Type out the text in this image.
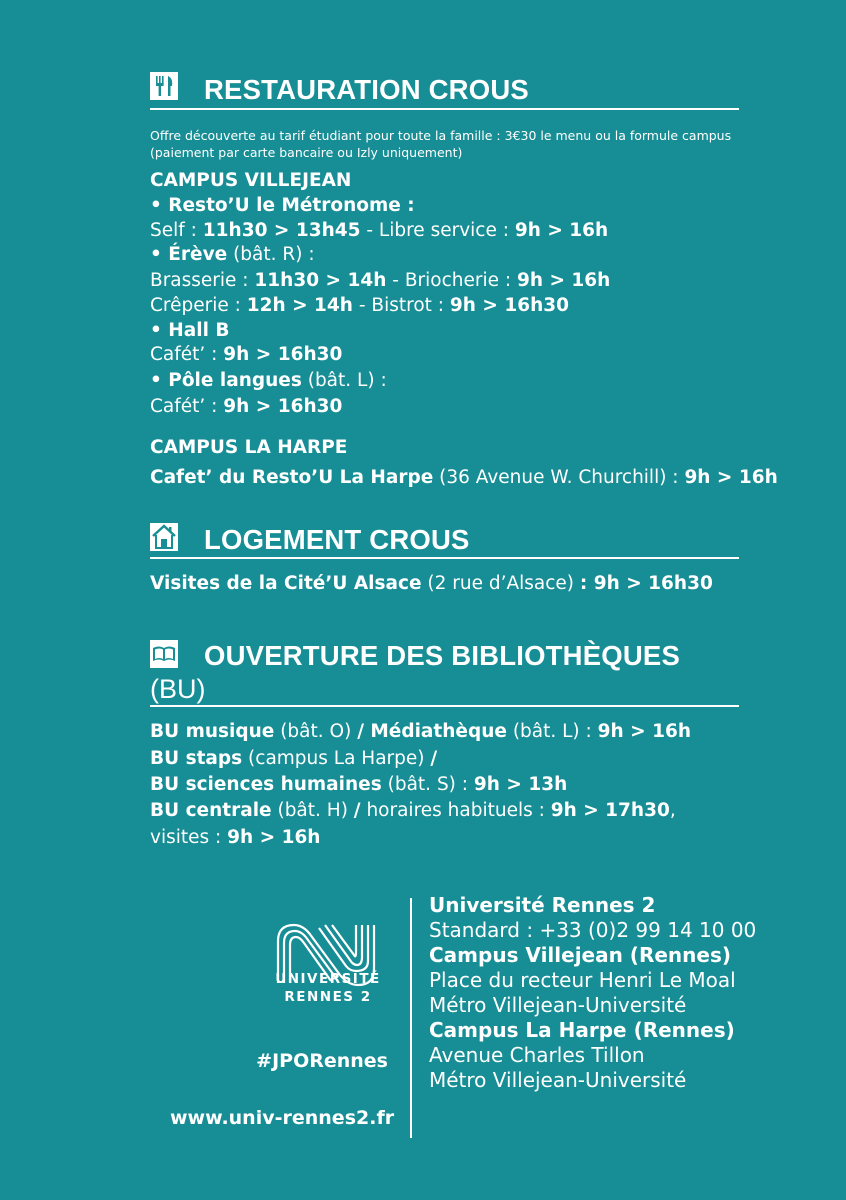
RESTAURATION CROUS
Offre découverte au tarif étudiant pour toute la famille : 3€30 le menu ou la formule campus
(paiement par carte bancaire ou Izly uniquement)
CAMPUS VILLEJEAN
• Resto’U le Métronome :
Self : 11h30 > 13h45 - Libre service : 9h > 16h
• Érève (bât. R) :
Brasserie : 11h30 > 14h - Briocherie : 9h > 16h
Crêperie : 12h > 14h - Bistrot : 9h > 16h30
• Hall B
Cafét’ : 9h > 16h30
• Pôle langues (bât. L) :
Cafét’ : 9h > 16h30
CAMPUS LA HARPE
Cafet’ du Resto’U La Harpe (36 Avenue W. Churchill) : 9h > 16h
LOGEMENT CROUS
Visites de la Cité’U Alsace (2 rue d’Alsace) : 9h > 16h30
OUVERTURE DES BIBLIOTHÈQUES
(BU)
BU musique (bât. O) / Médiathèque (bât. L) : 9h > 16h
BU staps (campus La Harpe) /
BU sciences humaines (bât. S) : 9h > 13h
BU centrale (bât. H) / horaires habituels : 9h > 17h30,
visites : 9h > 16h
UNIVERSITÉ
RENNES 2
#JPORennes
www.univ-rennes2.fr
Université Rennes 2
Standard : +33 (0)2 99 14 10 00
Campus Villejean (Rennes)
Place du recteur Henri Le Moal
Métro Villejean-Université
Campus La Harpe (Rennes)
Avenue Charles Tillon
Métro Villejean-Université
